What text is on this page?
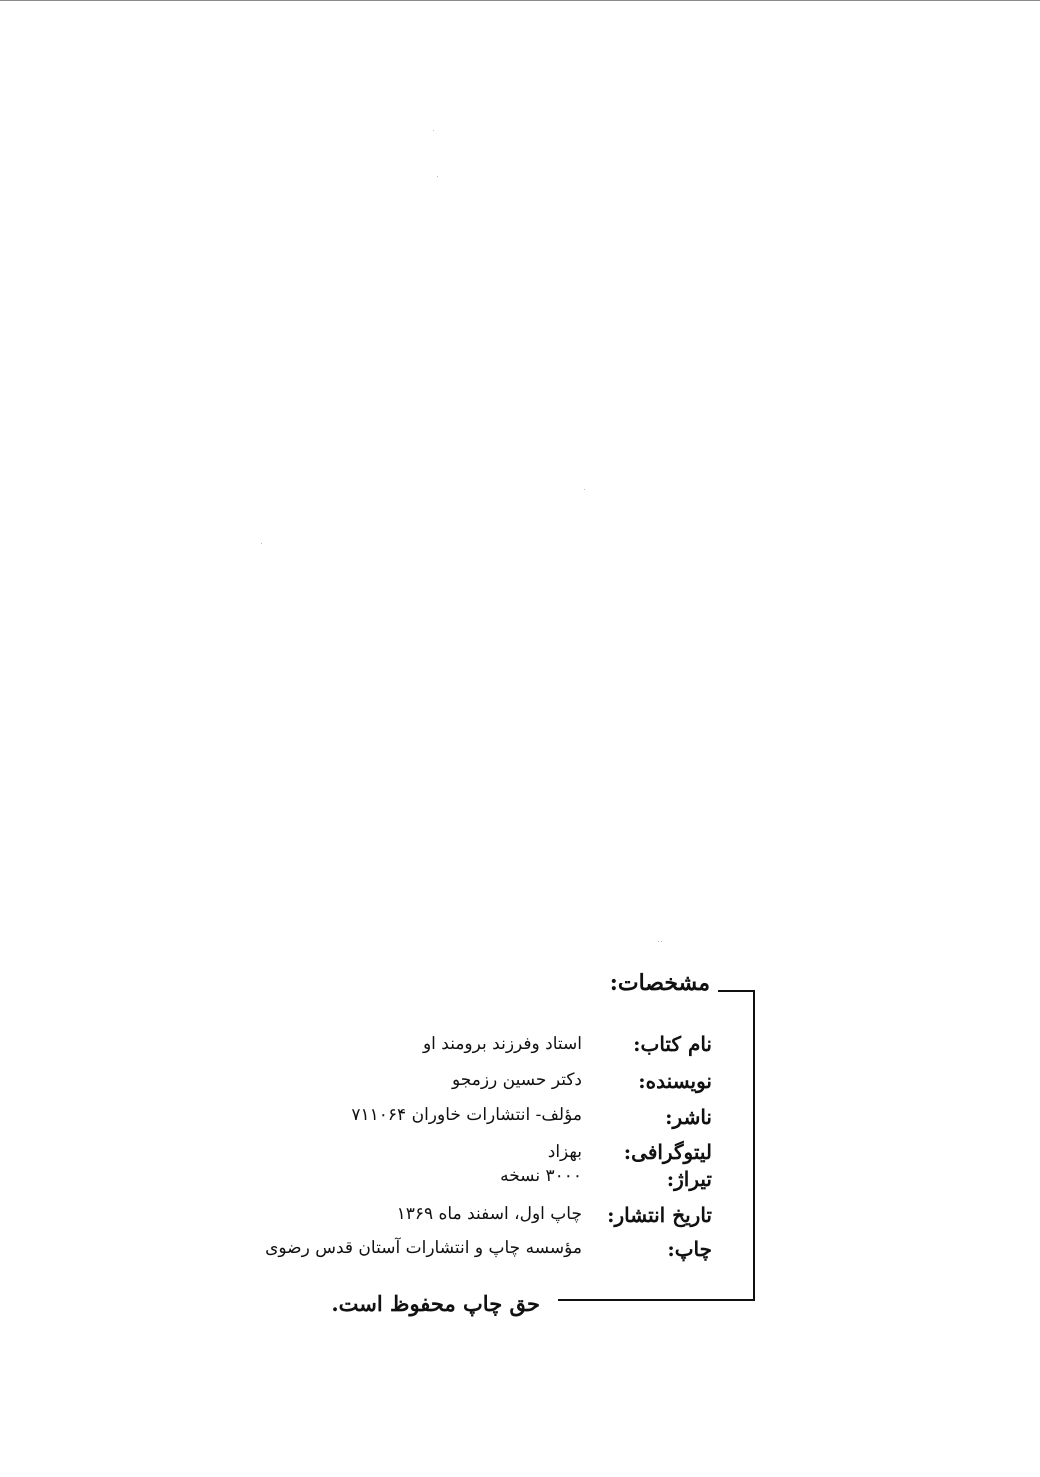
مشخصات:
نام کتاب:
استاد وفرزند برومند او
نویسنده:
دکتر حسین رزمجو
ناشر:
مؤلف- انتشارات خاوران ۷۱۱۰۶۴
لیتوگرافی:
بهزاد
تیراژ:
۳۰۰۰ نسخه
تاریخ انتشار:
چاپ اول، اسفند ماه ۱۳۶۹
چاپ:
مؤسسه چاپ و انتشارات آستان قدس رضوی
حق چاپ محفوظ است.
